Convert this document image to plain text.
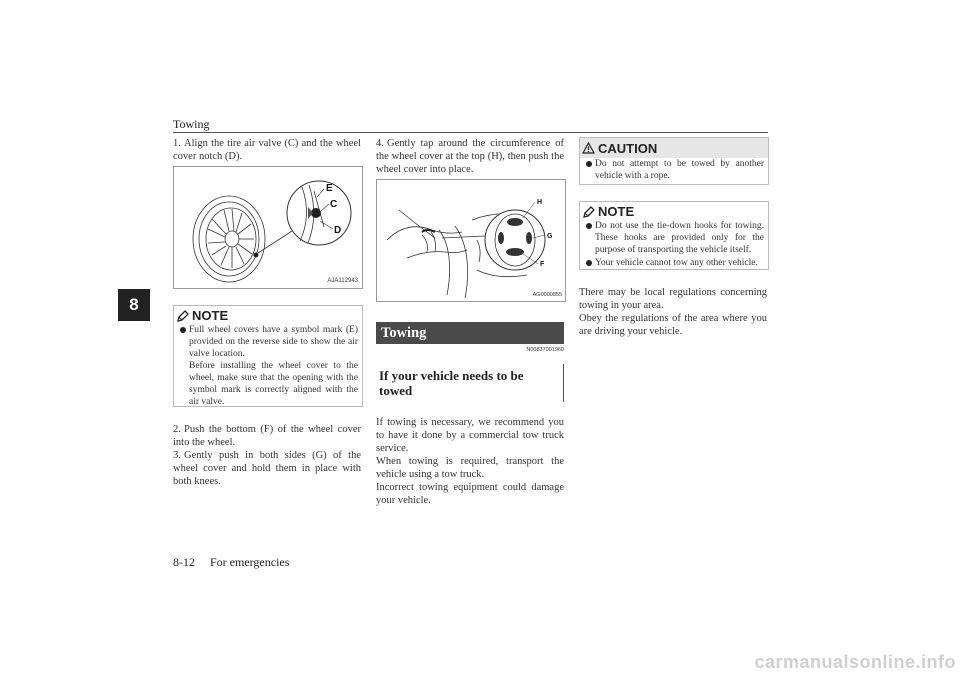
Towing
8
1. Align the tire air valve (C) and the wheel cover notch (D).
E
C
D
AJA112943
NOTE
Full wheel covers have a symbol mark (E) provided on the reverse side to show the air valve location.
Before installing the wheel cover to the wheel, make sure that the opening with the symbol mark is correctly aligned with the air valve.
2. Push the bottom (F) of the wheel cover into the wheel.
3. Gently push in both sides (G) of the wheel cover and hold them in place with both knees.
4. Gently tap around the circumference of the wheel cover at the top (H), then push the wheel cover into place.
H
G
F
AG0000855
Towing
N00837001960
If your vehicle needs to be towed
If towing is necessary, we recommend you to have it done by a commercial tow truck service.
When towing is required, transport the vehicle using a tow truck.
Incorrect towing equipment could damage your vehicle.
CAUTION
Do not attempt to be towed by another vehicle with a rope.
NOTE
Do not use the tie-down hooks for towing. These hooks are provided only for the purpose of transporting the vehicle itself.
Your vehicle cannot tow any other vehicle.
There may be local regulations concerning towing in your area.
Obey the regulations of the area where you are driving your vehicle.
8-12 For emergencies
carmanualsonline.info
